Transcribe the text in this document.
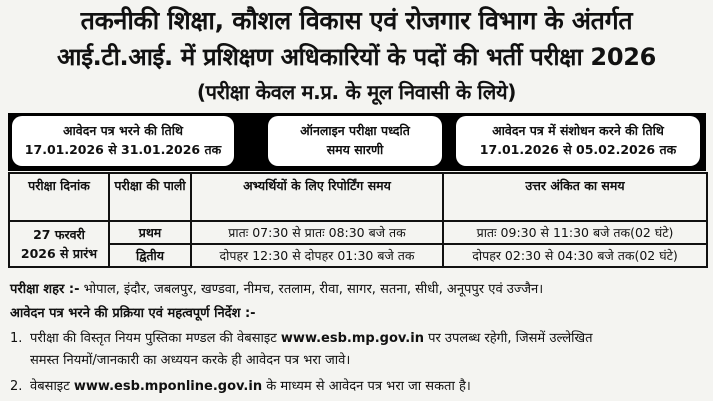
तकनीकी शिक्षा, कौशल विकास एवं रोजगार विभाग के अंतर्गत
आई.टी.आई. में प्रशिक्षण अधिकारियों के पदों की भर्ती परीक्षा 2026
(परीक्षा केवल म.प्र. के मूल निवासी के लिये)
आवेदन पत्र भरने की तिथि
17.01.2026 से 31.01.2026 तक
ऑनलाइन परीक्षा पध्दति
समय सारणी
आवेदन पत्र में संशोधन करने की तिथि
17.01.2026 से 05.02.2026 तक
परीक्षा दिनांक	परीक्षा की पाली	अभ्यर्थियों के लिए रिपोर्टिंग समय	उत्तर अंकित का समय

27 फरवरी
2026 से प्रारंभ	प्रथम	प्रातः 07:30 से प्रातः 08:30 बजे तक	प्रातः 09:30 से 11:30 बजे तक(02 घंटे)
	द्वितीय	दोपहर 12:30 से दोपहर 01:30 बजे तक	दोपहर 02:30 से 04:30 बजे तक(02 घंटे)
परीक्षा शहर :- भोपाल, इंदौर, जबलपुर, खण्डवा, नीमच, रतलाम, रीवा, सागर, सतना, सीधी, अनूपपुर एवं उज्जैन।
आवेदन पत्र भरने की प्रक्रिया एवं महत्वपूर्ण निर्देश :-
1. परीक्षा की विस्तृत नियम पुस्तिका मण्डल की वेबसाइट www.esb.mp.gov.in पर उपलब्ध रहेगी, जिसमें उल्लेखित
समस्त नियमों/जानकारी का अध्ययन करके ही आवेदन पत्र भरा जावे।
2. वेबसाइट www.esb.mponline.gov.in के माध्यम से आवेदन पत्र भरा जा सकता है।
